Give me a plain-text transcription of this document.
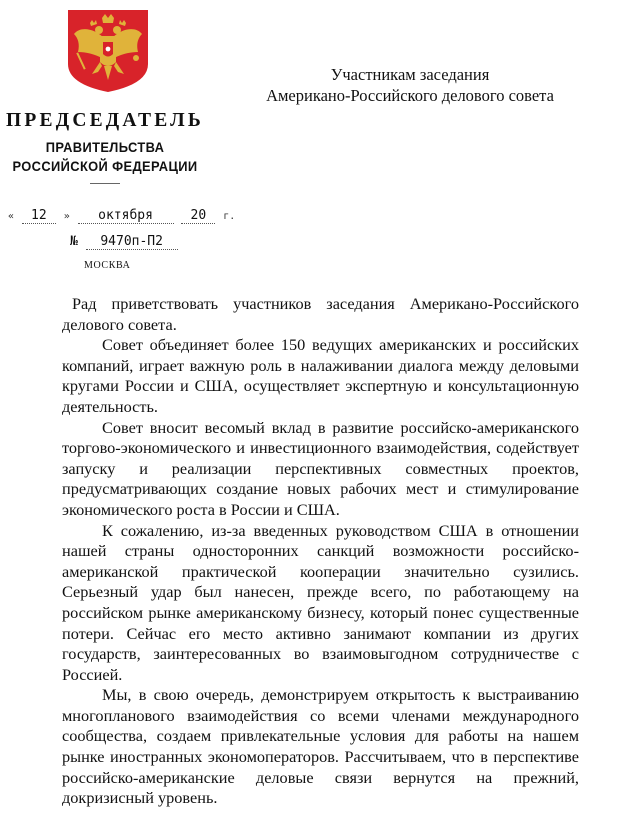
Участникам заседания
Американо-Российского делового совета
ПРЕДСЕДАТЕЛЬ
ПРАВИТЕЛЬСТВА
РОССИЙСКОЙ ФЕДЕРАЦИИ
« 12 » октября	20 г.
№ 9470п-П2
МОСКВА

Рад приветствовать участников заседания Американо-Российского делового совета.

Совет объединяет более 150 ведущих американских и российских компаний, играет важную роль в налаживании диалога между деловыми кругами России и США, осуществляет экспертную и консультационную деятельность.

Совет вносит весомый вклад в развитие российско-американского торгово-экономического и инвестиционного взаимодействия, содействует запуску и реализации перспективных совместных проектов, предусматривающих создание новых рабочих мест и стимулирование экономического роста в России и США.

К сожалению, из-за введенных руководством США в отношении нашей страны односторонних санкций возможности российско-американской практической кооперации значительно сузились. Серьезный удар был нанесен, прежде всего, по работающему на российском рынке американскому бизнесу, который понес существенные потери. Сейчас его место активно занимают компании из других государств, заинтересованных во взаимовыгодном сотрудничестве с Россией.

Мы, в свою очередь, демонстрируем открытость к выстраиванию многопланового взаимодействия со всеми членами международного сообщества, создаем привлекательные условия для работы на нашем рынке иностранных экономоператоров. Рассчитываем, что в перспективе российско-американские деловые связи вернутся на прежний, докризисный уровень.
